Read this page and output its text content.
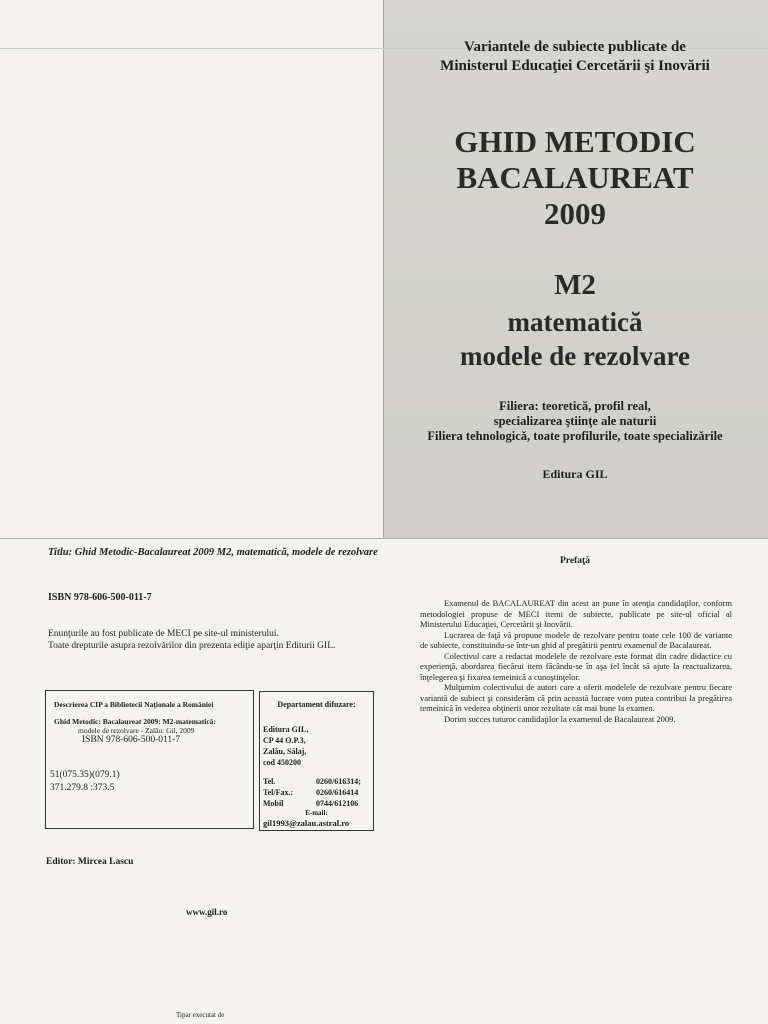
Variantele de subiecte publicate de
Ministerul Educaţiei Cercetării şi Inovării
GHID METODIC
BACALAUREAT
2009
M2
matematică
modele de rezolvare
Filiera: teoretică, profil real,
specializarea ştiinţe ale naturii
Filiera tehnologică, toate profilurile, toate specializările
Editura GIL
Titlu: Ghid Metodic-Bacalaureat 2009 M2, matematică, modele de rezolvare
ISBN 978-606-500-011-7
Enunţurile au fost publicate de MECI pe site-ul ministerului.
Toate drepturile asupra rezolvărilor din prezenta ediţie aparţin Editurii GIL.
Descrierea CIP a Bibliotecii Naţionale a României
Ghid Metodic: Bacalaureat 2009: M2-matematică:
modele de rezolvare - Zalău: Gil, 2009
ISBN 978-606-500-011-7
51(075.35)(079.1)
371.279.8 :373.5
Departament difuzare:
Editura GIL,
CP 44 O.P.3,
Zalău, Sălaj,
cod 450200
Tel.	0260/616314;
Tel/Fax.:	0260/616414
Mobil	0744/612106
E-mail:
gil1993@zalau.astral.ro
Editor: Mircea Lascu
www.gil.ro
Tipar executat de
Prefaţă

Examenul de BACALAUREAT din acest an pune în atenţia candidaţilor, conform metodologiei propuse de MECI itemi de subiecte, publicate pe site-ul oficial al Ministerului Educaţiei, Cercetării şi Inovării.

Lucrarea de faţă vă propune modele de rezolvare pentru toate cele 100 de variante de subiecte, constituindu-se într-un ghid al pregătirii pentru examenul de Bacalaureat.

Colectivul care a redactat modelele de rezolvare este format din cadre didactice cu experienţă, abordarea fiecărui item făcându-se în aşa fel încât să ajute la reactualizarea, înţelegerea şi fixarea temeinică a cunoştinţelor.

Mulţumim colectivului de autori care a oferit modelele de rezolvare pentru fiecare variantă de subiect şi considerăm că prin această lucrare vom putea contribui la pregătirea temeinică în vederea obţinerii unor rezultate cât mai bune la examen.

Dorim succes tuturor candidaţilor la examenul de Bacalaureat 2009.
